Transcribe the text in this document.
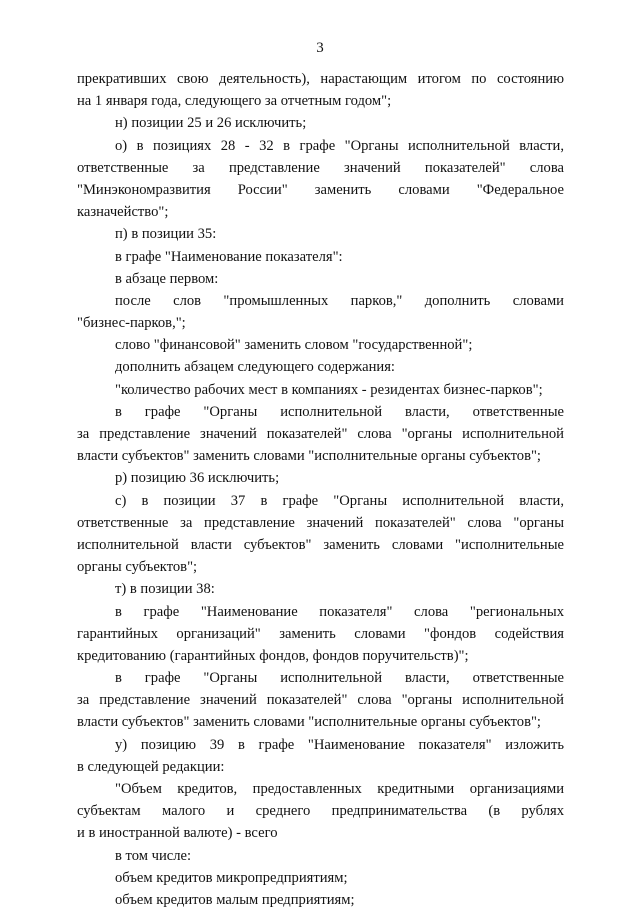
3
прекративших свою деятельность), нарастающим итогом по состоянию
на 1 января года, следующего за отчетным годом";
н) позиции 25 и 26 исключить;
о) в позициях 28 - 32 в графе "Органы исполнительной власти,
ответственные за представление значений показателей" слова
"Минэкономразвития России" заменить словами "Федеральное
казначейство";
п) в позиции 35:
в графе "Наименование показателя":
в абзаце первом:
после слов "промышленных парков," дополнить словами
"бизнес-парков,";
слово "финансовой" заменить словом "государственной";
дополнить абзацем следующего содержания:
"количество рабочих мест в компаниях - резидентах бизнес-парков";
в графе "Органы исполнительной власти, ответственные
за представление значений показателей" слова "органы исполнительной
власти субъектов" заменить словами "исполнительные органы субъектов";
р) позицию 36 исключить;
с) в позиции 37 в графе "Органы исполнительной власти,
ответственные за представление значений показателей" слова "органы
исполнительной власти субъектов" заменить словами "исполнительные
органы субъектов";
т) в позиции 38:
в графе "Наименование показателя" слова "региональных
гарантийных организаций" заменить словами "фондов содействия
кредитованию (гарантийных фондов, фондов поручительств)";
в графе "Органы исполнительной власти, ответственные
за представление значений показателей" слова "органы исполнительной
власти субъектов" заменить словами "исполнительные органы субъектов";
у) позицию 39 в графе "Наименование показателя" изложить
в следующей редакции:
"Объем кредитов, предоставленных кредитными организациями
субъектам малого и среднего предпринимательства (в рублях
и в иностранной валюте) - всего
в том числе:
объем кредитов микропредприятиям;
объем кредитов малым предприятиям;
